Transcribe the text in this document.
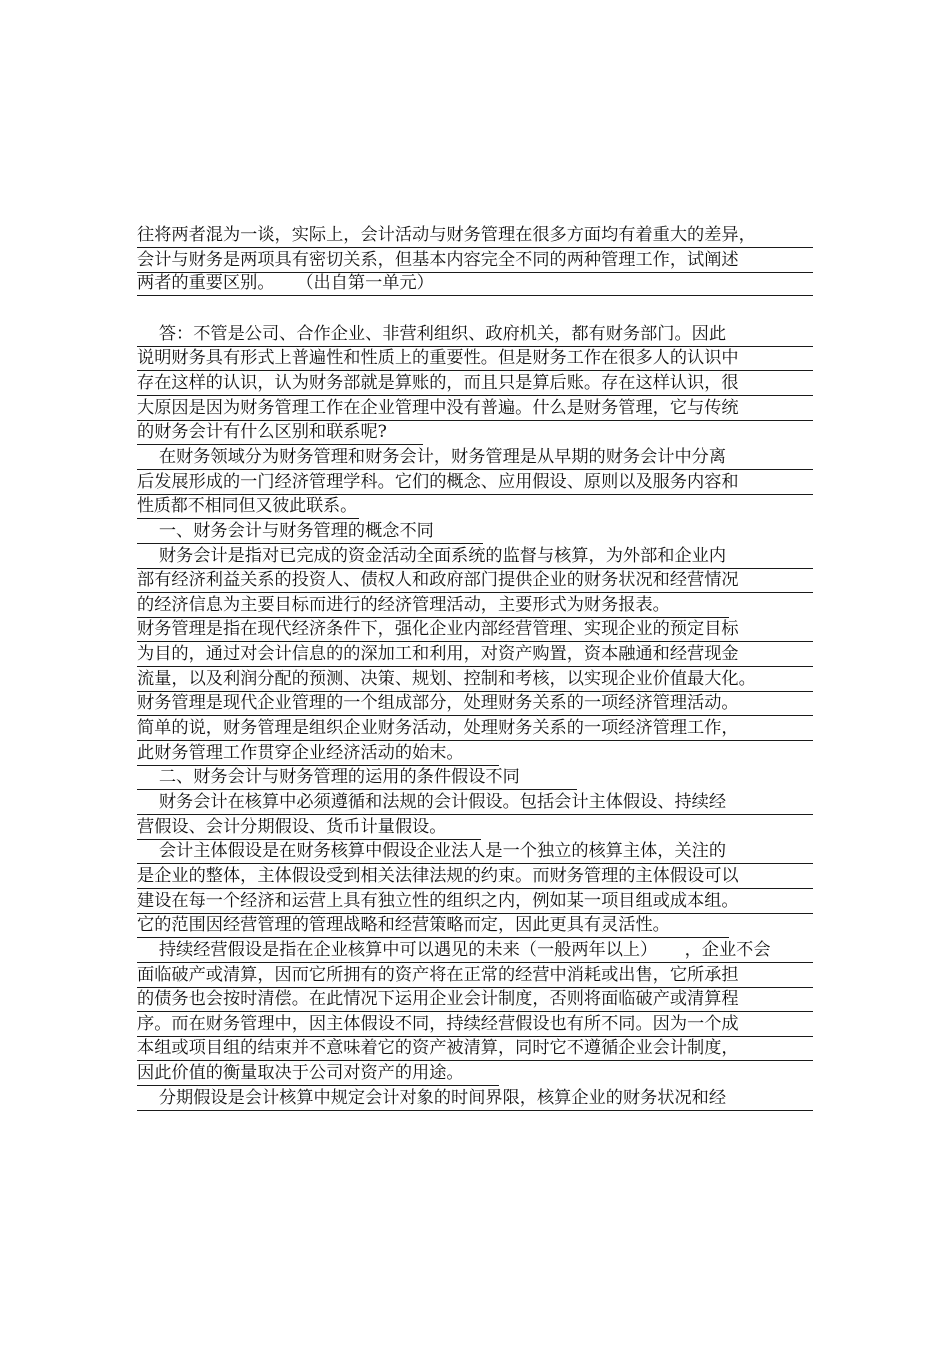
往将两者混为一谈，实际上，会计活动与财务管理在很多方面均有着重大的差异，
会计与财务是两项具有密切关系，但基本内容完全不同的两种管理工作，试阐述
两者的重要区别。    （出自第一单元）
答：不管是公司、合作企业、非营利组织、政府机关，都有财务部门。因此
说明财务具有形式上普遍性和性质上的重要性。但是财务工作在很多人的认识中
存在这样的认识，认为财务部就是算账的，而且只是算后账。存在这样认识，很
大原因是因为财务管理工作在企业管理中没有普遍。什么是财务管理，它与传统
的财务会计有什么区别和联系呢?
在财务领域分为财务管理和财务会计，财务管理是从早期的财务会计中分离
后发展形成的一门经济管理学科。它们的概念、应用假设、原则以及服务内容和
性质都不相同但又彼此联系。
一、财务会计与财务管理的概念不同
财务会计是指对已完成的资金活动全面系统的监督与核算，为外部和企业内
部有经济利益关系的投资人、债权人和政府部门提供企业的财务状况和经营情况
的经济信息为主要目标而进行的经济管理活动，主要形式为财务报表。
财务管理是指在现代经济条件下，强化企业内部经营管理、实现企业的预定目标
为目的，通过对会计信息的的深加工和利用，对资产购置，资本融通和经营现金
流量，以及利润分配的预测、决策、规划、控制和考核，以实现企业价值最大化。
财务管理是现代企业管理的一个组成部分，处理财务关系的一项经济管理活动。
简单的说，财务管理是组织企业财务活动，处理财务关系的一项经济管理工作，
此财务管理工作贯穿企业经济活动的始末。
二、财务会计与财务管理的运用的条件假设不同
财务会计在核算中必须遵循和法规的会计假设。包括会计主体假设、持续经
营假设、会计分期假设、货币计量假设。
会计主体假设是在财务核算中假设企业法人是一个独立的核算主体，关注的
是企业的整体，主体假设受到相关法律法规的约束。而财务管理的主体假设可以
建设在每一个经济和运营上具有独立性的组织之内，例如某一项目组或成本组。
它的范围因经营管理的管理战略和经营策略而定，因此更具有灵活性。
持续经营假设是指在企业核算中可以遇见的未来（一般两年以上）     ，企业不会
面临破产或清算，因而它所拥有的资产将在正常的经营中消耗或出售，它所承担
的债务也会按时清偿。在此情况下运用企业会计制度，否则将面临破产或清算程
序。而在财务管理中，因主体假设不同，持续经营假设也有所不同。因为一个成
本组或项目组的结束并不意味着它的资产被清算，同时它不遵循企业会计制度，
因此价值的衡量取决于公司对资产的用途。
分期假设是会计核算中规定会计对象的时间界限，核算企业的财务状况和经
